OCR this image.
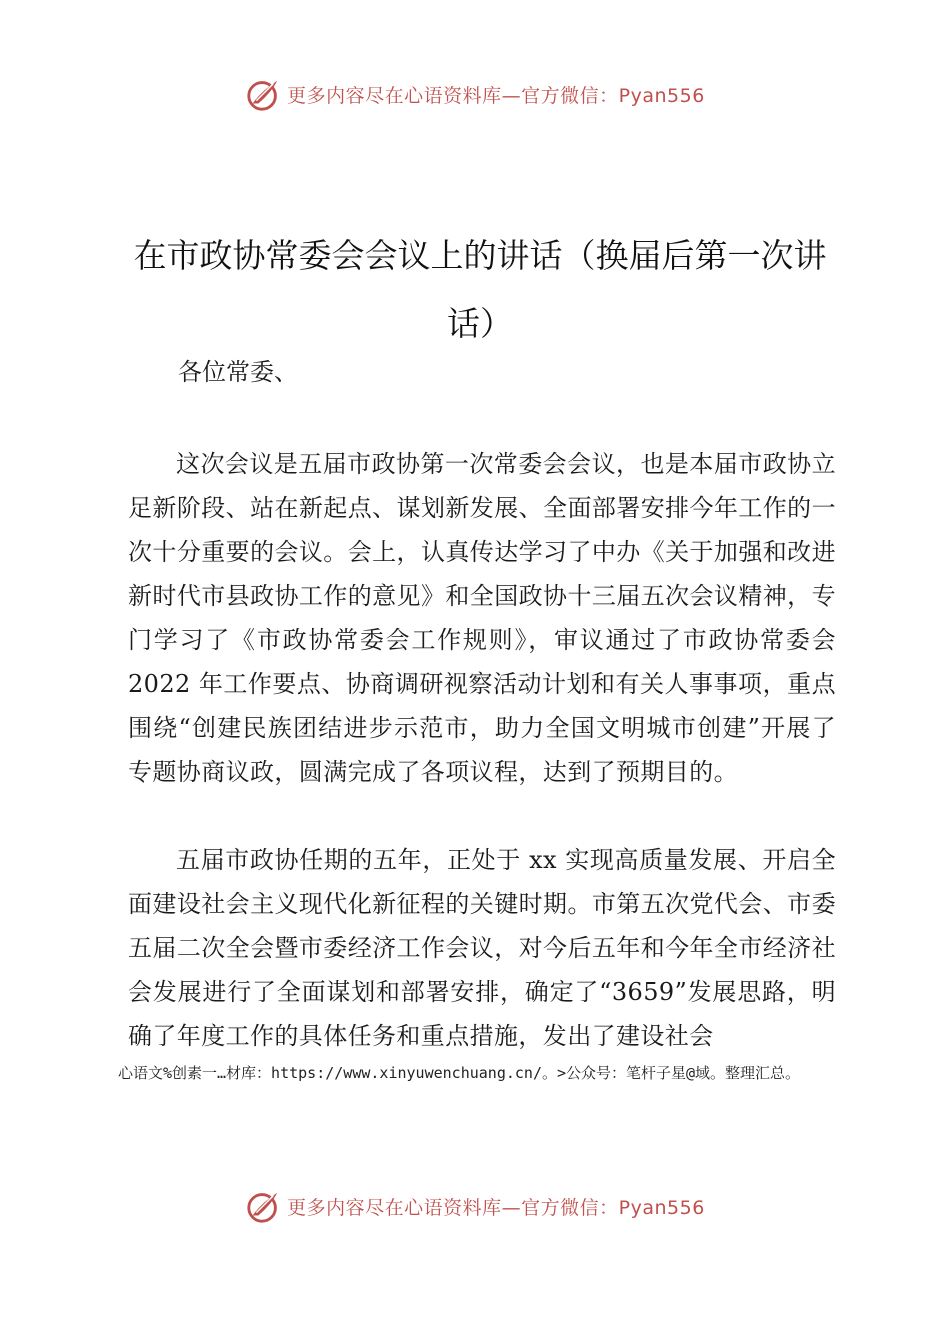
更多内容尽在心语资料库—官方微信：Pyan556
在市政协常委会会议上的讲话（换届后第一次讲话）

各位常委、

这次会议是五届市政协第一次常委会会议，也是本届市政协立足新阶段、站在新起点、谋划新发展、全面部署安排今年工作的一次十分重要的会议。会上，认真传达学习了中办《关于加强和改进新时代市县政协工作的意见》和全国政协十三届五次会议精神，专门学习了《市政协常委会工作规则》，审议通过了市政协常委会 2022 年工作要点、协商调研视察活动计划和有关人事事项，重点围绕“创建民族团结进步示范市，助力全国文明城市创建”开展了专题协商议政，圆满完成了各项议程，达到了预期目的。

五届市政协任期的五年，正处于 xx 实现高质量发展、开启全面建设社会主义现代化新征程的关键时期。市第五次党代会、市委五届二次全会暨市委经济工作会议，对今后五年和今年全市经济社会发展进行了全面谋划和部署安排，确定了“3659”发展思路，明确了年度工作的具体任务和重点措施，发出了建设社会

心语文%创素一…材库：https://www.xinyuwenchuang.cn/。>公众号：笔杆子星@域。整理汇总。

更多内容尽在心语资料库—官方微信：Pyan556
